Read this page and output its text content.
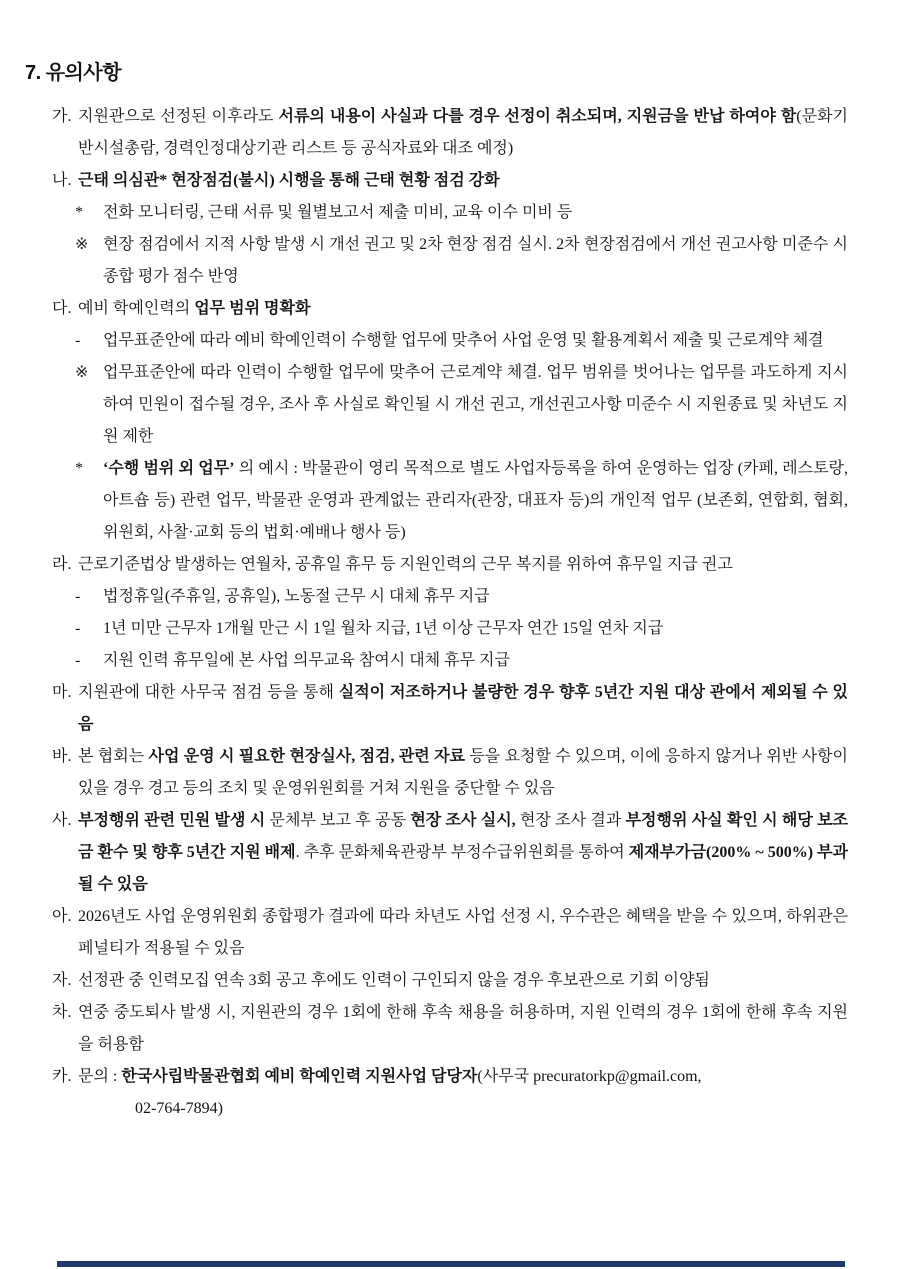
7. 유의사항
가. 지원관으로 선정된 이후라도 서류의 내용이 사실과 다를 경우 선정이 취소되며, 지원금을 반납 하여야 함(문화기반시설총람, 경력인정대상기관 리스트 등 공식자료와 대조 예정)
나. 근태 의심관* 현장점검(불시) 시행을 통해 근태 현황 점검 강화
* 전화 모니터링, 근태 서류 및 월별보고서 제출 미비, 교육 이수 미비 등
※ 현장 점검에서 지적 사항 발생 시 개선 권고 및 2차 현장 점검 실시. 2차 현장점검에서 개선 권고사항 미준수 시 종합 평가 점수 반영
다. 예비 학예인력의 업무 범위 명확화
- 업무표준안에 따라 예비 학예인력이 수행할 업무에 맞추어 사업 운영 및 활용계획서 제출 및 근로계약 체결
※ 업무표준안에 따라 인력이 수행할 업무에 맞추어 근로계약 체결. 업무 범위를 벗어나는 업무를 과도하게 지시하여 민원이 접수될 경우, 조사 후 사실로 확인될 시 개선 권고, 개선권고사항 미준수 시 지원종료 및 차년도 지원 제한
* ‘수행 범위 외 업무’ 의 예시 : 박물관이 영리 목적으로 별도 사업자등록을 하여 운영하는 업장 (카페, 레스토랑, 아트숍 등) 관련 업무, 박물관 운영과 관계없는 관리자(관장, 대표자 등)의 개인적 업무 (보존회, 연합회, 협회, 위원회, 사찰·교회 등의 법회·예배나 행사 등)
라. 근로기준법상 발생하는 연월차, 공휴일 휴무 등 지원인력의 근무 복지를 위하여 휴무일 지급 권고
- 법정휴일(주휴일, 공휴일), 노동절 근무 시 대체 휴무 지급
- 1년 미만 근무자 1개월 만근 시 1일 월차 지급, 1년 이상 근무자 연간 15일 연차 지급
- 지원 인력 휴무일에 본 사업 의무교육 참여시 대체 휴무 지급
마. 지원관에 대한 사무국 점검 등을 통해 실적이 저조하거나 불량한 경우 향후 5년간 지원 대상 관에서 제외될 수 있음
바. 본 협회는 사업 운영 시 필요한 현장실사, 점검, 관련 자료 등을 요청할 수 있으며, 이에 응하지 않거나 위반 사항이 있을 경우 경고 등의 조치 및 운영위원회를 거쳐 지원을 중단할 수 있음
사. 부정행위 관련 민원 발생 시 문체부 보고 후 공동 현장 조사 실시, 현장 조사 결과 부정행위 사실 확인 시 해당 보조금 환수 및 향후 5년간 지원 배제. 추후 문화체육관광부 부정수급위원회를 통하여 제재부가금(200% ~ 500%) 부과될 수 있음
아. 2026년도 사업 운영위원회 종합평가 결과에 따라 차년도 사업 선정 시, 우수관은 혜택을 받을 수 있으며, 하위관은 페널티가 적용될 수 있음
자. 선정관 중 인력모집 연속 3회 공고 후에도 인력이 구인되지 않을 경우 후보관으로 기회 이양됨
차. 연중 중도퇴사 발생 시, 지원관의 경우 1회에 한해 후속 채용을 허용하며, 지원 인력의 경우 1회에 한해 후속 지원을 허용함
카. 문의 : 한국사립박물관협회 예비 학예인력 지원사업 담당자(사무국 precuratorkp@gmail.com,
02-764-7894)
